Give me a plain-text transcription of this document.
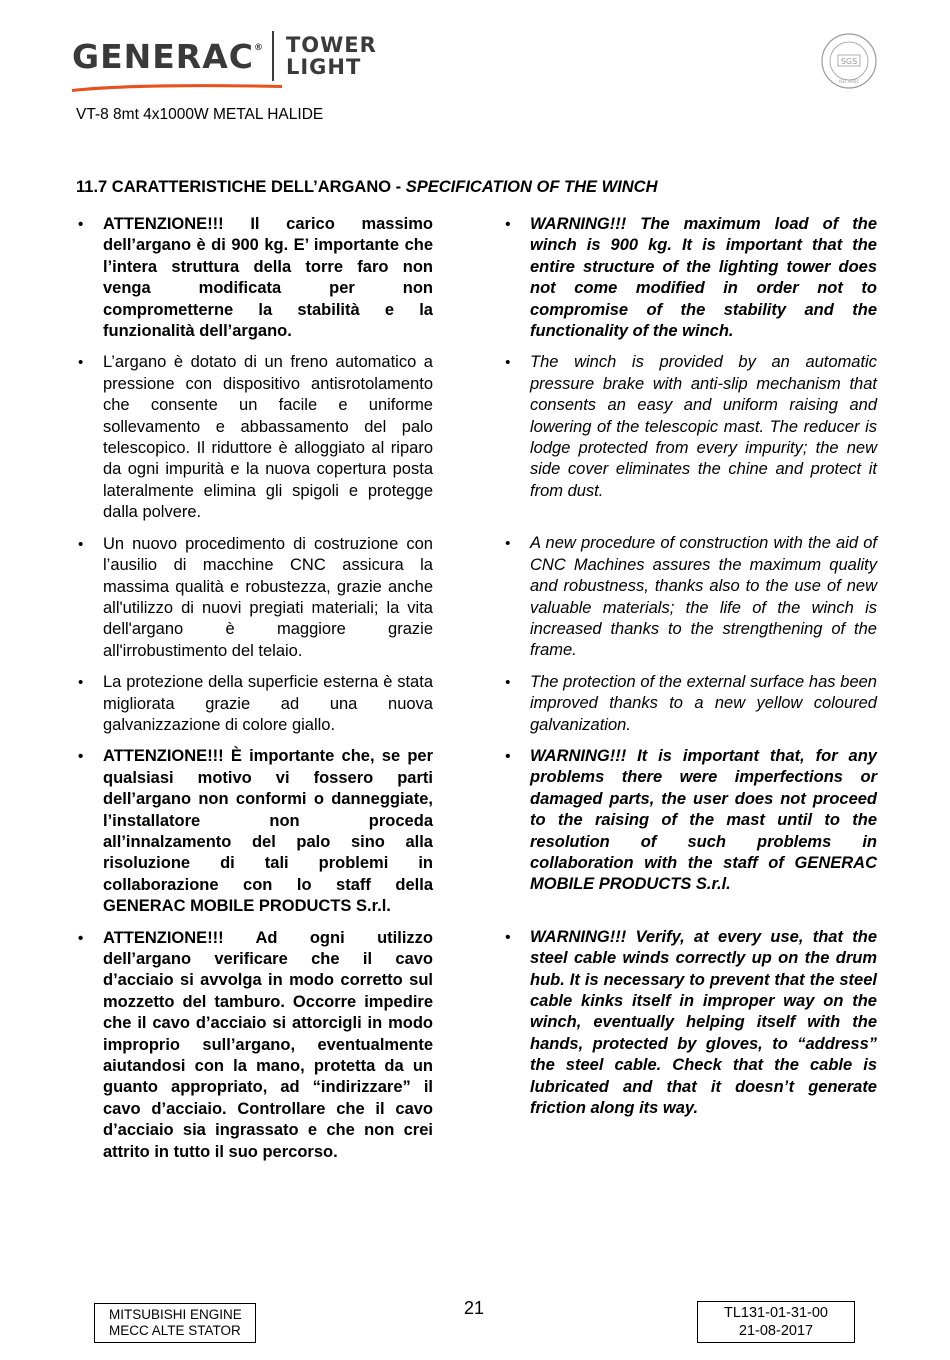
GENERAC ® TOWER
LIGHT	SGS
ISO 9001
VT-8 8mt 4x1000W METAL HALIDE
11.7 CARATTERISTICHE DELL’ARGANO - SPECIFICATION OF THE WINCH

• ATTENZIONE!!! Il carico massimo dell’argano è di 900 kg. E’ importante che l’intera struttura della torre faro non venga modificata per non comprometterne la stabilità e la funzionalità dell’argano.

• L’argano è dotato di un freno automatico a pressione con dispositivo antisrotolamento che consente un facile e uniforme sollevamento e abbassamento del palo telescopico. Il riduttore è alloggiato al riparo da ogni impurità e la nuova copertura posta lateralmente elimina gli spigoli e protegge dalla polvere.

• Un nuovo procedimento di costruzione con l’ausilio di macchine CNC assicura la massima qualità e robustezza, grazie anche all'utilizzo di nuovi pregiati materiali; la vita dell'argano è maggiore grazie all'irrobustimento del telaio.

• La protezione della superficie esterna è stata migliorata grazie ad una nuova galvanizzazione di colore giallo.

• ATTENZIONE!!! È importante che, se per qualsiasi motivo vi fossero parti dell’argano non conformi o danneggiate, l’installatore non proceda all’innalzamento del palo sino alla risoluzione di tali problemi in collaborazione con lo staff della GENERAC MOBILE PRODUCTS S.r.l.

• ATTENZIONE!!! Ad ogni utilizzo dell’argano verificare che il cavo d’acciaio si avvolga in modo corretto sul mozzetto del tamburo. Occorre impedire che il cavo d’acciaio si attorcigli in modo improprio sull’argano, eventualmente aiutandosi con la mano, protetta da un guanto appropriato, ad “indirizzare” il cavo d’acciaio. Controllare che il cavo d’acciaio sia ingrassato e che non crei attrito in tutto il suo percorso.

• WARNING!!! The maximum load of the winch is 900 kg. It is important that the entire structure of the lighting tower does not come modified in order not to compromise of the stability and the functionality of the winch.

• The winch is provided by an automatic pressure brake with anti-slip mechanism that consents an easy and uniform raising and lowering of the telescopic mast. The reducer is lodge protected from every impurity; the new side cover eliminates the chine and protect it from dust.

• A new procedure of construction with the aid of CNC Machines assures the maximum quality and robustness, thanks also to the use of new valuable materials; the life of the winch is increased thanks to the strengthening of the frame.

• The protection of the external surface has been improved thanks to a new yellow coloured galvanization.

• WARNING!!! It is important that, for any problems there were imperfections or damaged parts, the user does not proceed to the raising of the mast until to the resolution of such problems in collaboration with the staff of GENERAC MOBILE PRODUCTS S.r.l.

• WARNING!!! Verify, at every use, that the steel cable winds correctly up on the drum hub. It is necessary to prevent that the steel cable kinks itself in improper way on the winch, eventually helping itself with the hands, protected by gloves, to “address” the steel cable. Check that the cable is lubricated and that it doesn’t generate friction along its way.

MITSUBISHI ENGINE
MECC ALTE STATOR
21	TL131-01-31-00
21-08-2017
